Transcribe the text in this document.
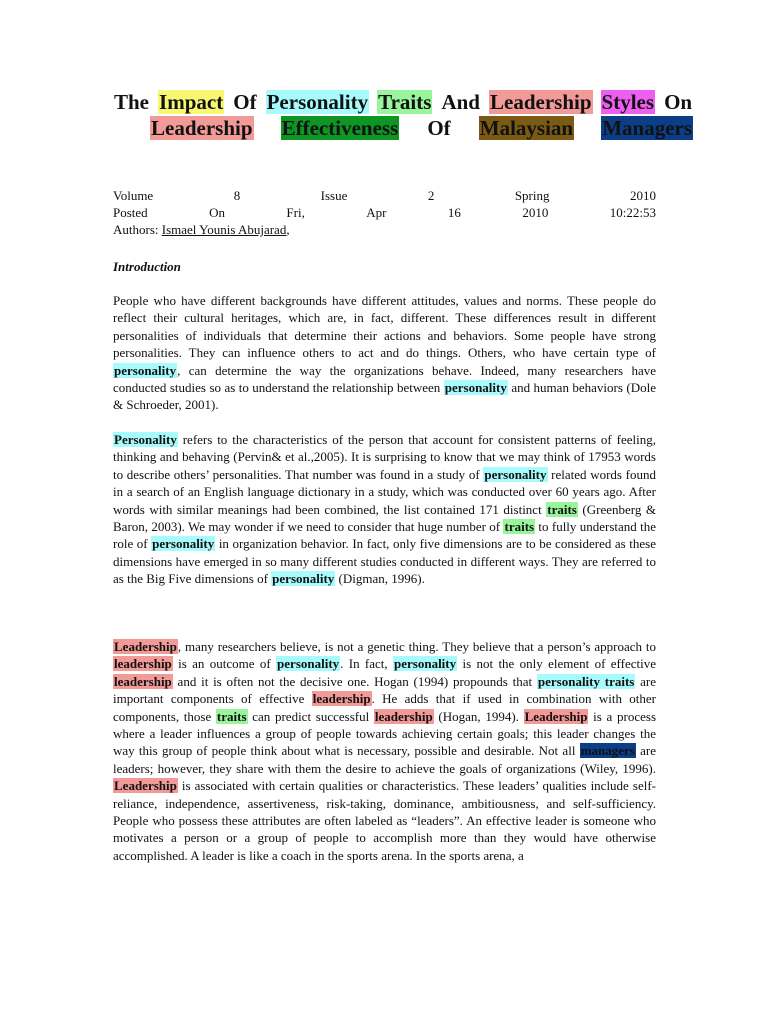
The Impact Of Personality Traits And Leadership Styles On Leadership Effectiveness Of Malaysian Managers
Volume	8	Issue	2	Spring	2010
Posted	On	Fri,	Apr	16	2010	10:22:53
Authors: Ismael Younis Abujarad,
Introduction
People who have different backgrounds have different attitudes, values and norms. These people do reflect their cultural heritages, which are, in fact, different. These differences result in different personalities of individuals that determine their actions and behaviors. Some people have strong personalities. They can influence others to act and do things. Others, who have certain type of personality, can determine the way the organizations behave. Indeed, many researchers have conducted studies so as to understand the relationship between personality and human behaviors (Dole & Schroeder, 2001).
Personality refers to the characteristics of the person that account for consistent patterns of feeling, thinking and behaving (Pervin& et al.,2005). It is surprising to know that we may think of 17953 words to describe others’ personalities. That number was found in a study of personality related words found in a search of an English language dictionary in a study, which was conducted over 60 years ago. After words with similar meanings had been combined, the list contained 171 distinct traits (Greenberg & Baron, 2003). We may wonder if we need to consider that huge number of traits to fully understand the role of personality in organization behavior. In fact, only five dimensions are to be considered as these dimensions have emerged in so many different studies conducted in different ways. They are referred to as the Big Five dimensions of personality (Digman, 1996).
Leadership, many researchers believe, is not a genetic thing. They believe that a person’s approach to leadership is an outcome of personality. In fact, personality is not the only element of effective leadership and it is often not the decisive one. Hogan (1994) propounds that personality traits are important components of effective leadership. He adds that if used in combination with other components, those traits can predict successful leadership (Hogan, 1994). Leadership is a process where a leader influences a group of people towards achieving certain goals; this leader changes the way this group of people think about what is necessary, possible and desirable. Not all managers are leaders; however, they share with them the desire to achieve the goals of organizations (Wiley, 1996). Leadership is associated with certain qualities or characteristics. These leaders’ qualities include self-reliance, independence, assertiveness, risk-taking, dominance, ambitiousness, and self-sufficiency. People who possess these attributes are often labeled as “leaders”. An effective leader is someone who motivates a person or a group of people to accomplish more than they would have otherwise accomplished. A leader is like a coach in the sports arena. In the sports arena, a
